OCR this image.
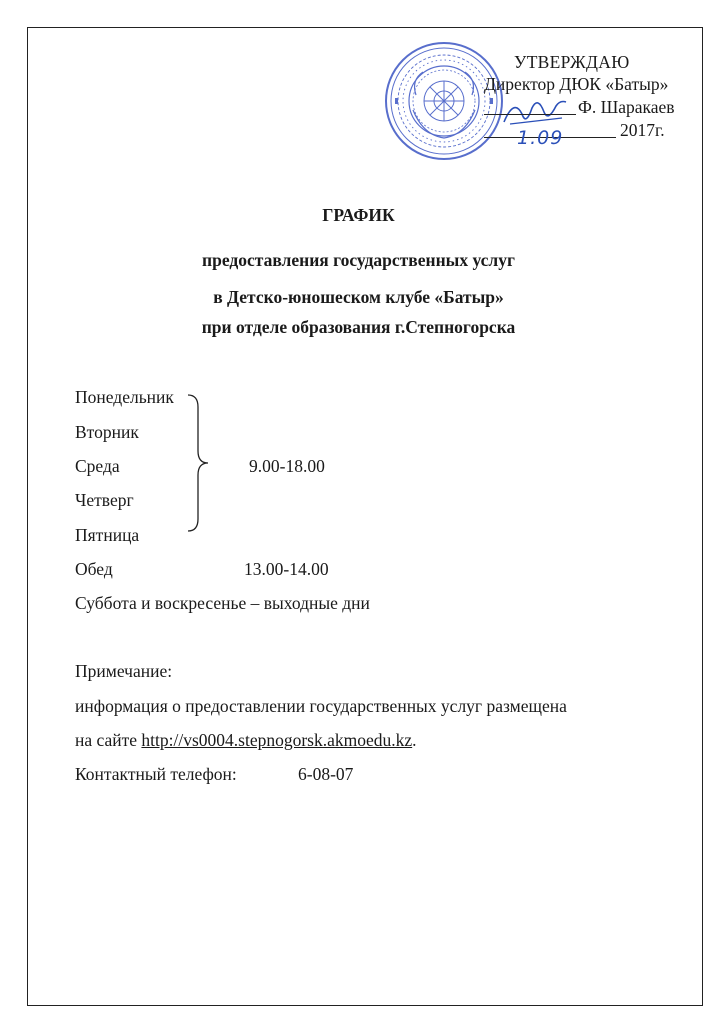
УТВЕРЖДАЮ
Директор ДЮК «Батыр»
Ф. Шаракаев
2017г.
1.09
ГРАФИК
предоставления государственных услуг
в Детско-юношеском клубе «Батыр»
при отделе образования г.Степногорска
Понедельник
Вторник
Среда
Четверг
Пятница
9.00-18.00
Обед	13.00-14.00
Суббота и воскресенье – выходные дни
Примечание:
информация о предоставлении государственных услуг размещена
на сайте http://vs0004.stepnogorsk.akmoedu.kz.
Контактный телефон:	6-08-07
